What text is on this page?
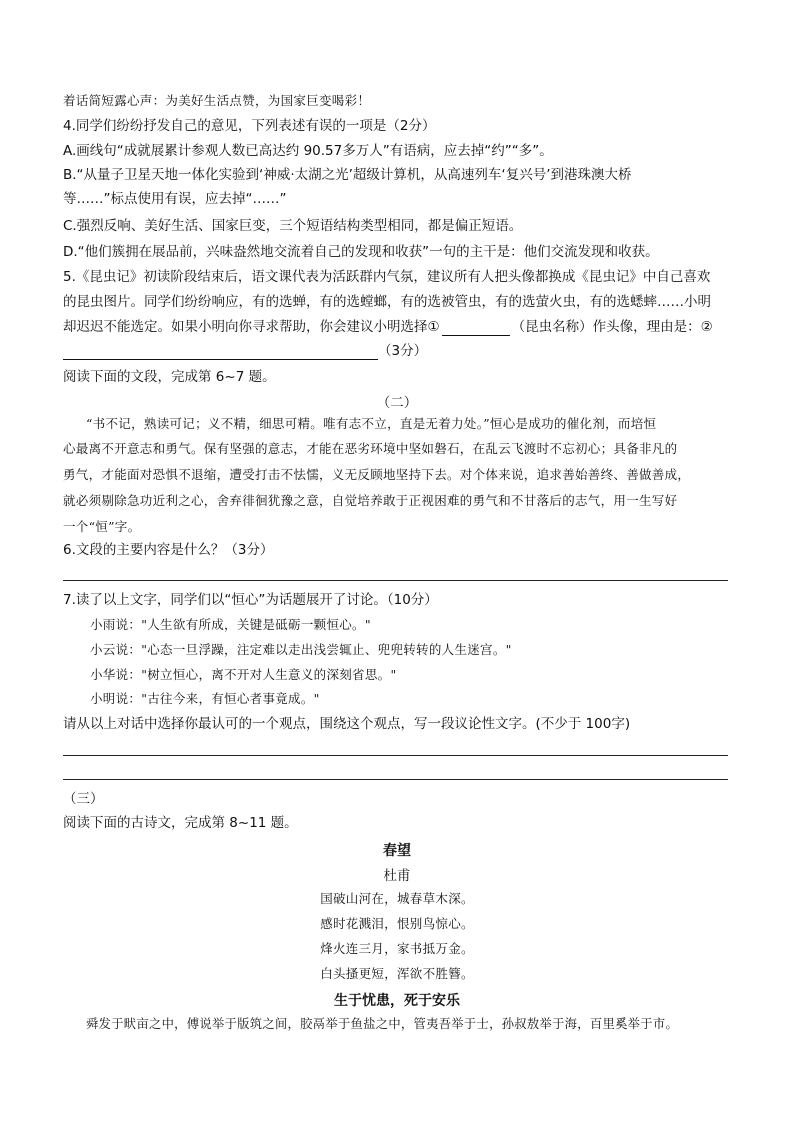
着话简短露心声：为美好生活点赞，为国家巨变喝彩！
4.同学们纷纷抒发自己的意见，下列表述有误的一项是（2分）
A.画线句“成就展累计参观人数已高达约 90.57多万人”有语病，应去掉“约”“多”。
B.“从量子卫星天地一体化实验到‘神威·太湖之光’超级计算机，从高速列车‘复兴号’到港珠澳大桥
等……”标点使用有误，应去掉“……”
C.强烈反响、美好生活、国家巨变，三个短语结构类型相同，都是偏正短语。
D.“他们簇拥在展品前，兴味盎然地交流着自己的发现和收获”一句的主干是：他们交流发现和收获。
5.《昆虫记》初读阶段结束后，语文课代表为活跃群内气氛，建议所有人把头像都换成《昆虫记》中自己喜欢
的昆虫图片。同学们纷纷响应，有的选蝉，有的选螳螂，有的选被管虫，有的选萤火虫，有的选蟋蟀……小明
却迟迟不能选定。如果小明向你寻求帮助，你会建议小明选择①	（昆虫名称）作头像，理由是：②
（3分）
阅读下面的文段，完成第 6~7 题。
（二）
“书不记，熟读可记；义不精，细思可精。唯有志不立，直是无着力处。”恒心是成功的催化剂，而培恒
心最离不开意志和勇气。保有坚强的意志，才能在恶劣环境中坚如磐石，在乱云飞渡时不忘初心；具备非凡的
勇气，才能面对恐惧不退缩，遭受打击不怯懦，义无反顾地坚持下去。对个体来说，追求善始善终、善做善成，
就必须剔除急功近利之心，舍弃徘徊犹豫之意，自觉培养敢于正视困难的勇气和不甘落后的志气，用一生写好
一个“恒”字。
6.文段的主要内容是什么？（3分）
7.读了以上文字，同学们以“恒心”为话题展开了讨论。（10分）
小雨说："人生欲有所成，关键是砥砺一颗恒心。"
小云说："心态一旦浮躁，注定难以走出浅尝辄止、兜兜转转的人生迷宫。"
小华说："树立恒心，离不开对人生意义的深刻省思。"
小明说："古往今来，有恒心者事竟成。"
请从以上对话中选择你最认可的一个观点，围绕这个观点，写一段议论性文字。(不少于 100字)
（三）
阅读下面的古诗文，完成第 8~11 题。
春望
杜甫
国破山河在，城春草木深。
感时花溅泪，恨别鸟惊心。
烽火连三月，家书抵万金。
白头搔更短，浑欲不胜簪。
生于忧患，死于安乐
舜发于畎亩之中，傅说举于版筑之间，胶鬲举于鱼盐之中，管夷吾举于士，孙叔敖举于海，百里奚举于市。
